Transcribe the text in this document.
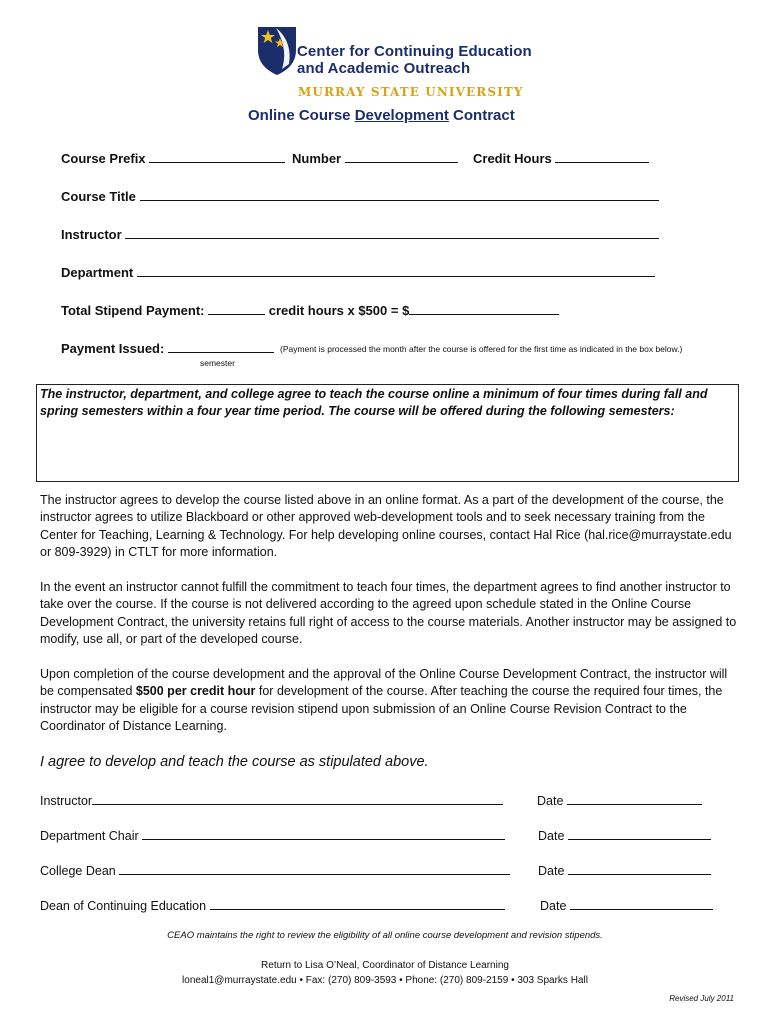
Center for Continuing Education
and Academic Outreach
MURRAY STATE UNIVERSITY
Online Course Development Contract
Course Prefix	Number	Credit Hours
Course Title
Instructor
Department
Total Stipend Payment:	credit hours x $500 = $
Payment Issued:	(Payment is processed the month after the course is offered for the first time as indicated in the box below.)
semester
The instructor, department, and college agree to teach the course online a minimum of four times during fall and spring semesters within a four year time period. The course will be offered during the following semesters:
The instructor agrees to develop the course listed above in an online format. As a part of the development of the course, the instructor agrees to utilize Blackboard or other approved web-development tools and to seek necessary training from the Center for Teaching, Learning & Technology. For help developing online courses, contact Hal Rice (hal.rice@murraystate.edu or 809-3929) in CTLT for more information.
In the event an instructor cannot fulfill the commitment to teach four times, the department agrees to find another instructor to take over the course. If the course is not delivered according to the agreed upon schedule stated in the Online Course Development Contract, the university retains full right of access to the course materials. Another instructor may be assigned to modify, use all, or part of the developed course.
Upon completion of the course development and the approval of the Online Course Development Contract, the instructor will be compensated $500 per credit hour for development of the course. After teaching the course the required four times, the instructor may be eligible for a course revision stipend upon submission of an Online Course Revision Contract to the Coordinator of Distance Learning.
I agree to develop and teach the course as stipulated above.
Instructor	Date
Department Chair	Date
College Dean	Date
Dean of Continuing Education	Date
CEAO maintains the right to review the eligibility of all online course development and revision stipends.
Return to Lisa O’Neal, Coordinator of Distance Learning
loneal1@murraystate.edu • Fax: (270) 809-3593 • Phone: (270) 809-2159 • 303 Sparks Hall
Revised July 2011
